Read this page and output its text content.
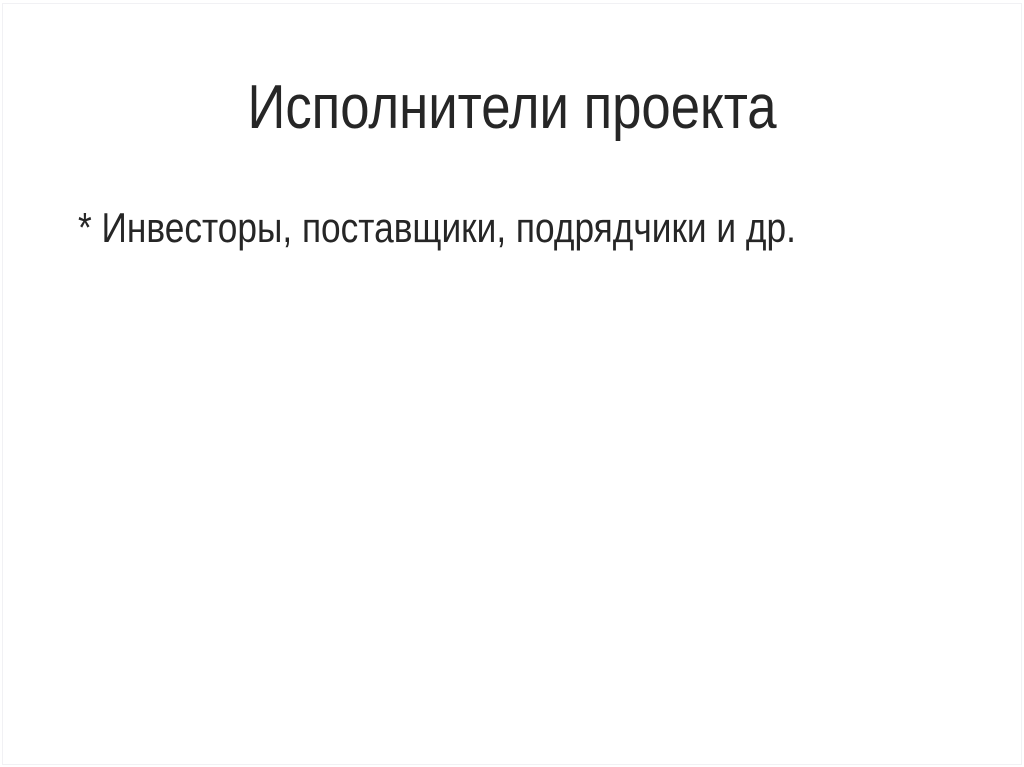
Исполнители проекта

* Инвесторы, поставщики, подрядчики и др.
